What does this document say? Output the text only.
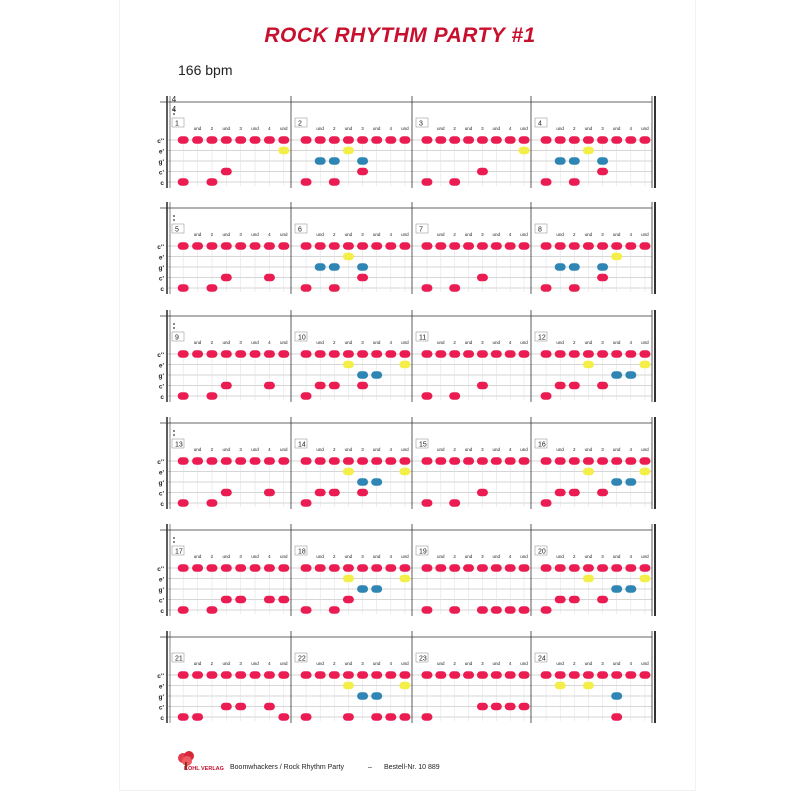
ROCK RHYTHM PARTY #1
166 bpm
c''
e'
g'
c'
c
4
4
1
und 2 und 3 und 4 und
2
und 2 und 3 und 4 und
3
und 2 und 3 und 4 und
4
und 2 und 3 und 4 und
c''
e'
g'
c'
c
5
und 2 und 3 und 4 und
6
und 2 und 3 und 4 und
7
und 2 und 3 und 4 und
8
und 2 und 3 und 4 und
c''
e'
g'
c'
c
9
und 2 und 3 und 4 und
10
und 2 und 3 und 4 und
11
und 2 und 3 und 4 und
12
und 2 und 3 und 4 und
c''
e'
g'
c'
c
13
und 2 und 3 und 4 und
14
und 2 und 3 und 4 und
15
und 2 und 3 und 4 und
16
und 2 und 3 und 4 und
c''
e'
g'
c'
c
17
und 2 und 3 und 4 und
18
und 2 und 3 und 4 und
19
und 2 und 3 und 4 und
20
und 2 und 3 und 4 und
c''
e'
g'
c'
c
21
und 2 und 3 und 4 und
22
und 2 und 3 und 4 und
23
und 2 und 3 und 4 und
24
und 2 und 3 und 4 und
KOHL VERLAG Boomwhackers / Rock Rhythm Party	– Bestell-Nr. 10 889
